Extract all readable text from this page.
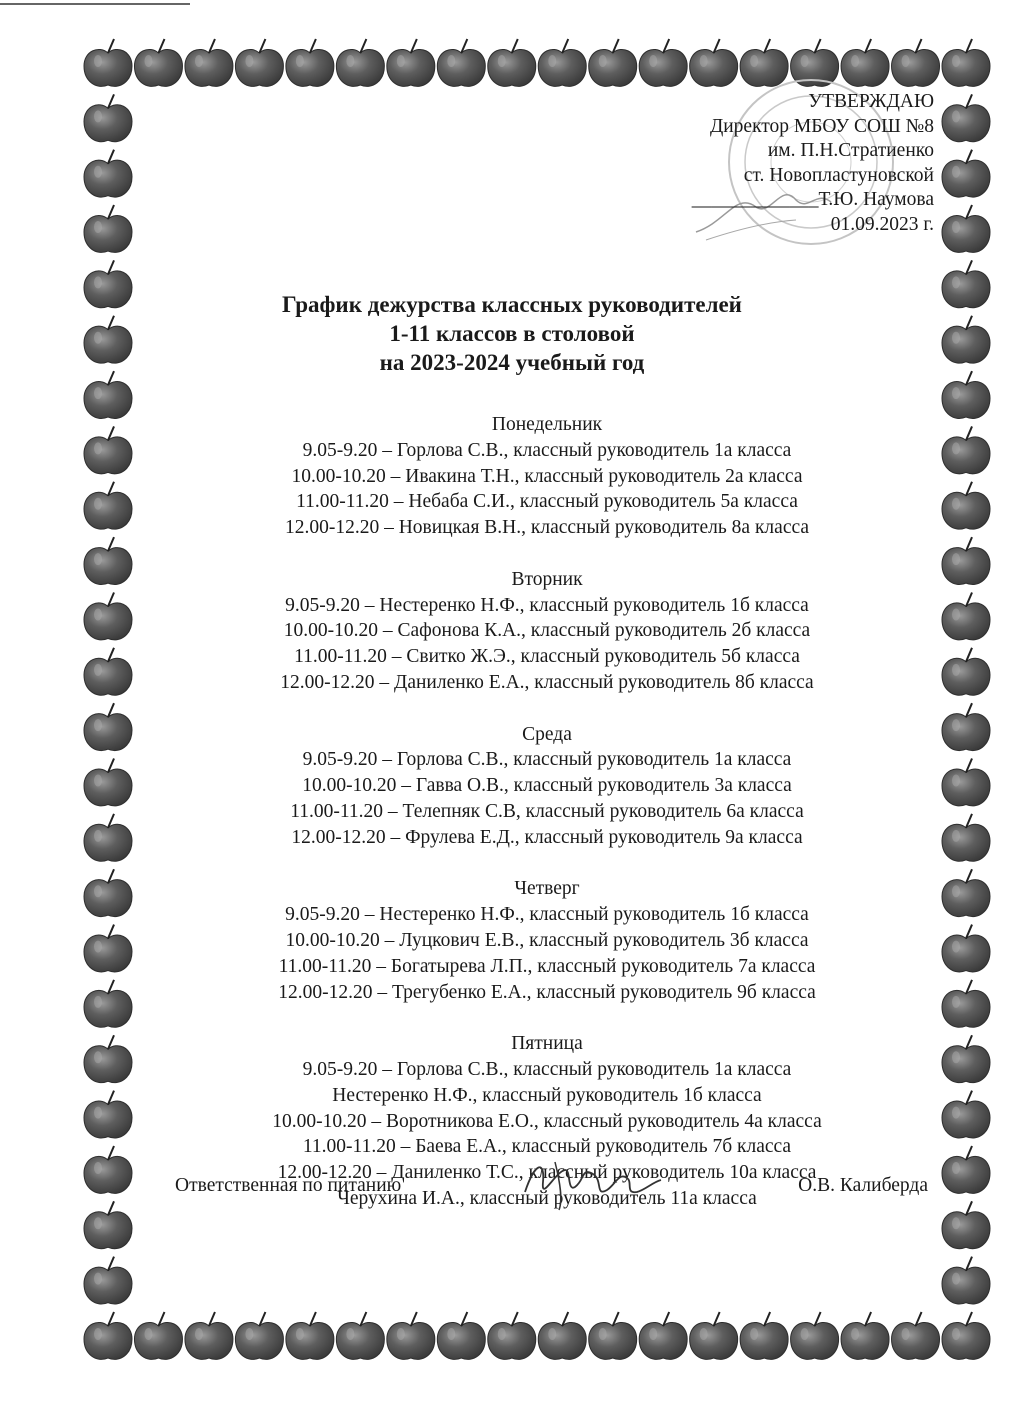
УТВЕРЖДАЮ
Директор МБОУ СОШ №8
им. П.Н.Стратиенко
ст. Новопластуновской
_____________Т.Ю. Наумова
01.09.2023 г.
График дежурства классных руководителей
1-11 классов в столовой
на 2023-2024 учебный год
Понедельник
9.05-9.20 – Горлова С.В., классный руководитель 1а класса
10.00-10.20 – Ивакина Т.Н., классный руководитель 2а класса
11.00-11.20 – Небаба С.И., классный руководитель 5а класса
12.00-12.20 – Новицкая В.Н., классный руководитель 8а класса
Вторник
9.05-9.20 – Нестеренко Н.Ф., классный руководитель 1б класса
10.00-10.20 – Сафонова К.А., классный руководитель 2б класса
11.00-11.20 – Свитко Ж.Э., классный руководитель 5б класса
12.00-12.20 – Даниленко Е.А., классный руководитель 8б класса
Среда
9.05-9.20 – Горлова С.В., классный руководитель 1а класса
10.00-10.20 – Гавва О.В., классный руководитель 3а класса
11.00-11.20 – Телепняк С.В, классный руководитель 6а класса
12.00-12.20 – Фрулева Е.Д., классный руководитель 9а класса
Четверг
9.05-9.20 – Нестеренко Н.Ф., классный руководитель 1б класса
10.00-10.20 – Луцкович Е.В., классный руководитель 3б класса
11.00-11.20 – Богатырева Л.П., классный руководитель 7а класса
12.00-12.20 – Трегубенко Е.А., классный руководитель 9б класса
Пятница
9.05-9.20 – Горлова С.В., классный руководитель 1а класса
Нестеренко Н.Ф., классный руководитель 1б класса
10.00-10.20 – Воротникова Е.О., классный руководитель 4а класса
11.00-11.20 – Баева Е.А., классный руководитель 7б класса
12.00-12.20 – Даниленко Т.С., классный руководитель 10а класса
Черухина И.А., классный руководитель 11а класса
Ответственная по питанию	О.В. Калиберда
